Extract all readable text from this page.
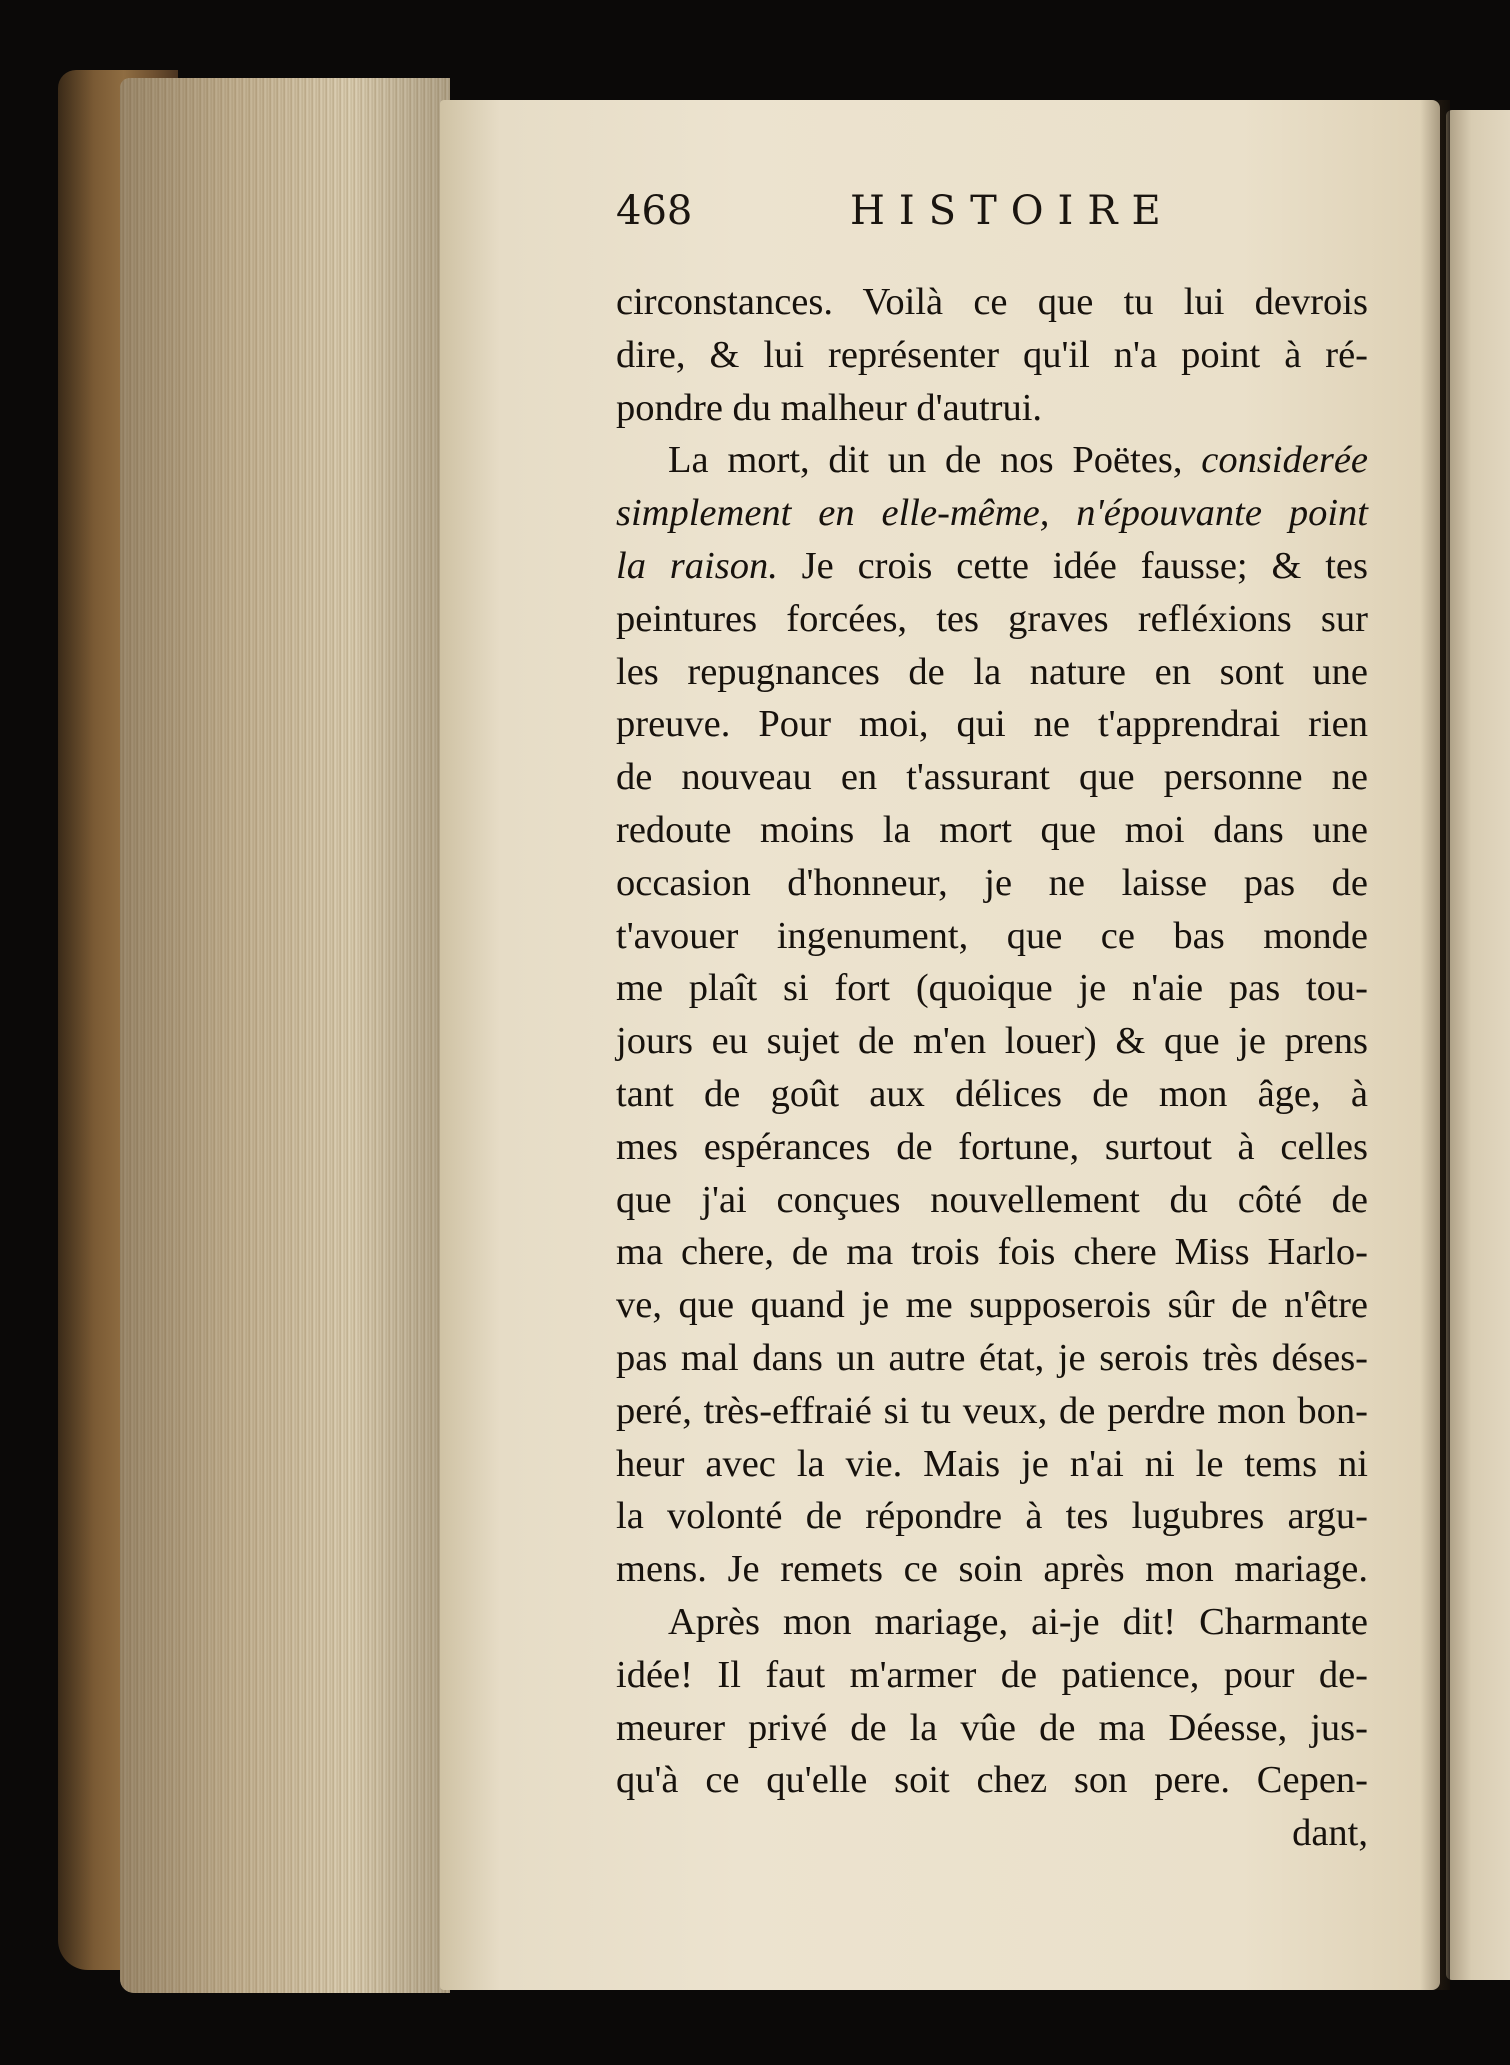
468	HISTOIRE
circonstances. Voilà ce que tu lui devrois
dire, & lui représenter qu'il n'a point à ré-
pondre du malheur d'autrui.
La mort, dit un de nos Poëtes, considerée
simplement en elle-même, n'épouvante point
la raison. Je crois cette idée fausse; & tes
peintures forcées, tes graves refléxions sur
les repugnances de la nature en sont une
preuve. Pour moi, qui ne t'apprendrai rien
de nouveau en t'assurant que personne ne
redoute moins la mort que moi dans une
occasion d'honneur, je ne laisse pas de
t'avouer ingenument, que ce bas monde
me plaît si fort (quoique je n'aie pas tou-
jours eu sujet de m'en louer) & que je prens
tant de goût aux délices de mon âge, à
mes espérances de fortune, surtout à celles
que j'ai conçues nouvellement du côté de
ma chere, de ma trois fois chere Miss Harlo-
ve, que quand je me supposerois sûr de n'être
pas mal dans un autre état, je serois très déses-
peré, très-effraié si tu veux, de perdre mon bon-
heur avec la vie. Mais je n'ai ni le tems ni
la volonté de répondre à tes lugubres argu-
mens. Je remets ce soin après mon mariage.
Après mon mariage, ai-je dit! Charmante
idée! Il faut m'armer de patience, pour de-
meurer privé de la vûe de ma Déesse, jus-
qu'à ce qu'elle soit chez son pere. Cepen-
dant,
